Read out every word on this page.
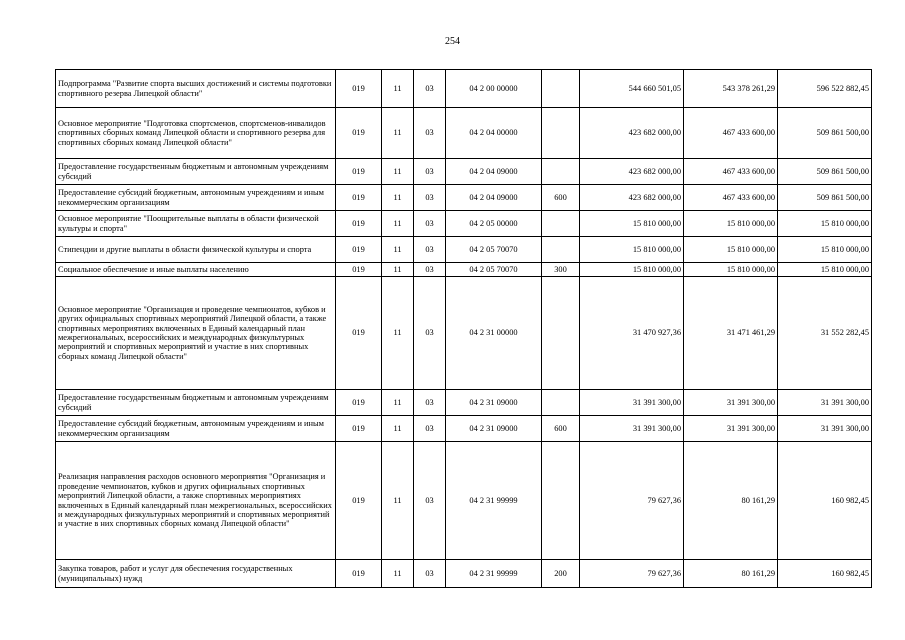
254
Подпрограмма "Развитие спорта высших достижений и системы подготовки спортивного резерва Липецкой области"	019	11	03	04 2 00 00000		544 660 501,05	543 378 261,29	596 522 882,45
Основное мероприятие "Подготовка спортсменов, спортсменов-инвалидов спортивных сборных команд Липецкой области и спортивного резерва для спортивных сборных команд Липецкой области"	019	11	03	04 2 04 00000		423 682 000,00	467 433 600,00	509 861 500,00
Предоставление государственным бюджетным и автономным учреждениям субсидий	019	11	03	04 2 04 09000		423 682 000,00	467 433 600,00	509 861 500,00
Предоставление субсидий бюджетным, автономным учреждениям и иным некоммерческим организациям	019	11	03	04 2 04 09000	600	423 682 000,00	467 433 600,00	509 861 500,00
Основное мероприятие "Поощрительные выплаты в области физической культуры и спорта"	019	11	03	04 2 05 00000		15 810 000,00	15 810 000,00	15 810 000,00
Стипендии и другие выплаты в области физической культуры и спорта	019	11	03	04 2 05 70070		15 810 000,00	15 810 000,00	15 810 000,00
Социальное обеспечение и иные выплаты населению	019	11	03	04 2 05 70070	300	15 810 000,00	15 810 000,00	15 810 000,00
Основное мероприятие "Организация и проведение чемпионатов, кубков и других официальных спортивных мероприятий Липецкой области, а также спортивных мероприятиях включенных в Единый календарный план межрегиональных, всероссийских и международных физкультурных мероприятий и спортивных мероприятий и участие в них спортивных сборных команд Липецкой области"	019	11	03	04 2 31 00000		31 470 927,36	31 471 461,29	31 552 282,45
Предоставление государственным бюджетным и автономным учреждениям субсидий	019	11	03	04 2 31 09000		31 391 300,00	31 391 300,00	31 391 300,00
Предоставление субсидий бюджетным, автономным учреждениям и иным некоммерческим организациям	019	11	03	04 2 31 09000	600	31 391 300,00	31 391 300,00	31 391 300,00
Реализация направления расходов основного мероприятия "Организация и проведение чемпионатов, кубков и других официальных спортивных мероприятий Липецкой области, а также спортивных мероприятиях включенных в Единый календарный план межрегиональных, всероссийских и международных физкультурных мероприятий и спортивных мероприятий и участие в них спортивных сборных команд Липецкой области"	019	11	03	04 2 31 99999		79 627,36	80 161,29	160 982,45
Закупка товаров, работ и услуг для обеспечения государственных (муниципальных) нужд	019	11	03	04 2 31 99999	200	79 627,36	80 161,29	160 982,45
